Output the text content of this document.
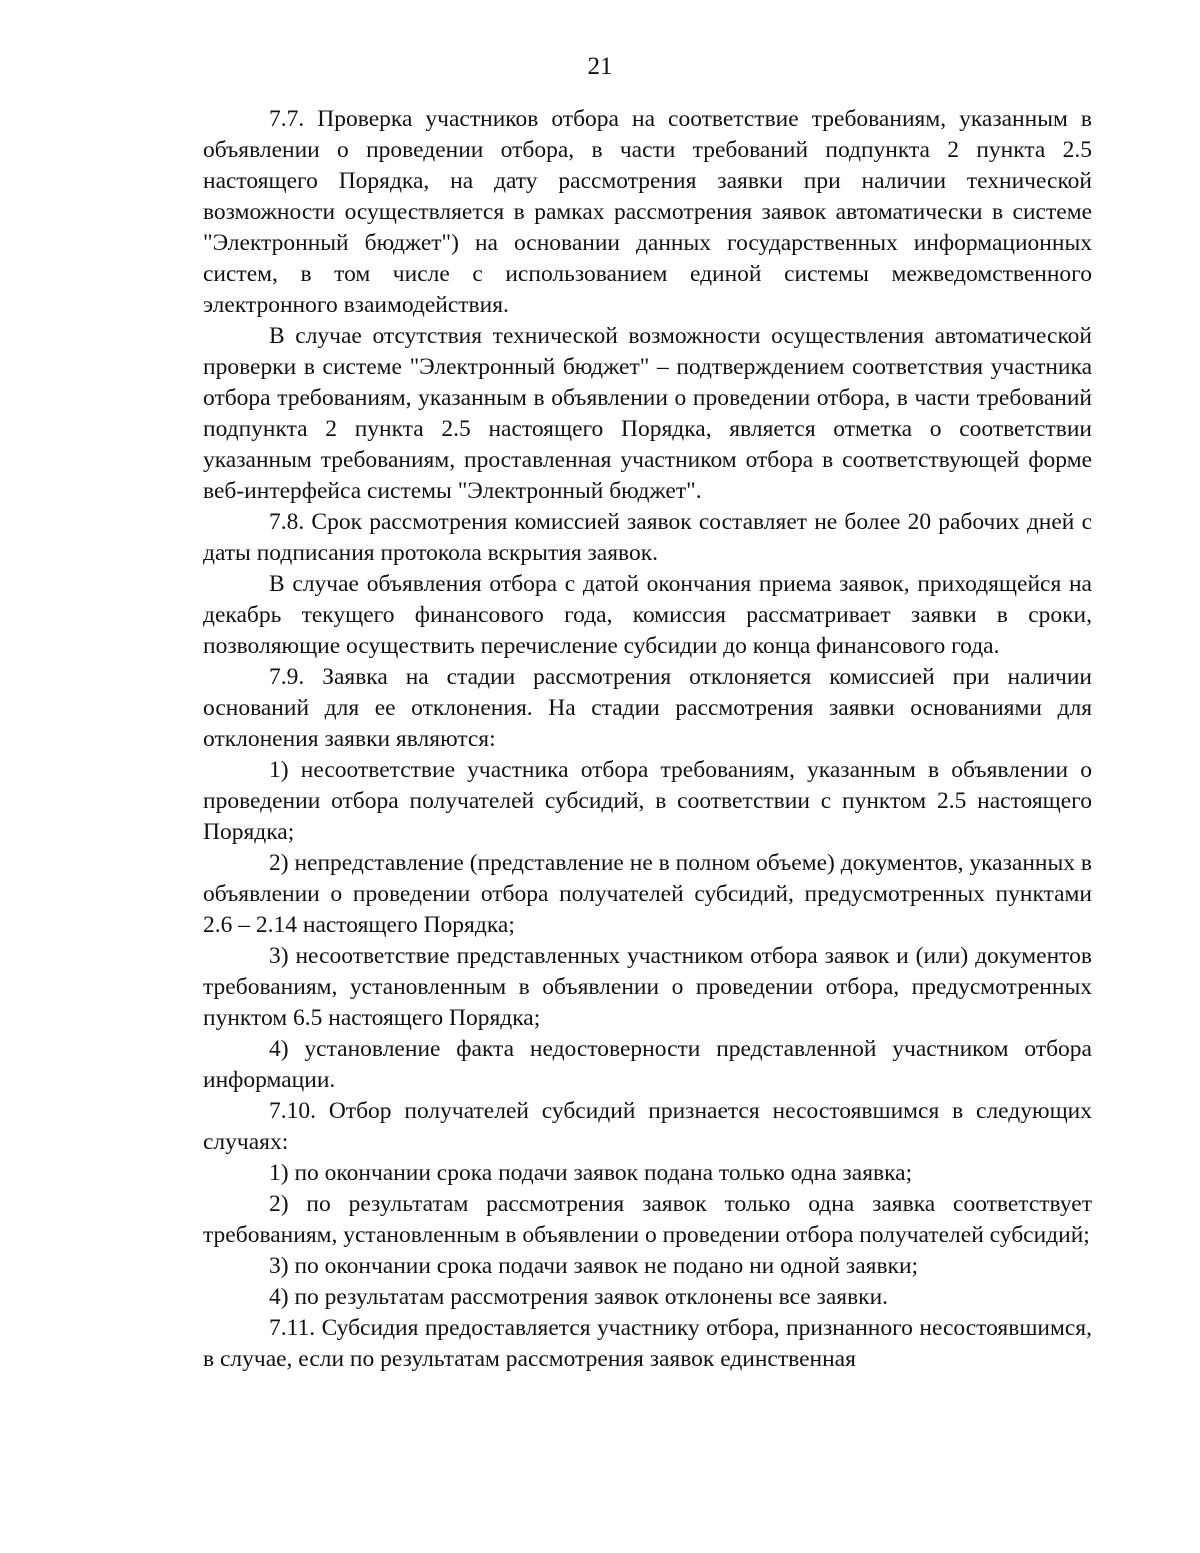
21

7.7. Проверка участников отбора на соответствие требованиям, указанным в объявлении о проведении отбора, в части требований подпункта 2 пункта 2.5 настоящего Порядка, на дату рассмотрения заявки при наличии технической возможности осуществляется в рамках рассмотрения заявок автоматически в системе "Электронный бюджет") на основании данных государственных информационных систем, в том числе с использованием единой системы межведомственного электронного взаимодействия.

В случае отсутствия технической возможности осуществления автоматической проверки в системе "Электронный бюджет" – подтверждением соответствия участника отбора требованиям, указанным в объявлении о проведении отбора, в части требований подпункта 2 пункта 2.5 настоящего Порядка, является отметка о соответствии указанным требованиям, проставленная участником отбора в соответствующей форме веб-интерфейса системы "Электронный бюджет".

7.8. Срок рассмотрения комиссией заявок составляет не более 20 рабочих дней с даты подписания протокола вскрытия заявок.

В случае объявления отбора с датой окончания приема заявок, приходящейся на декабрь текущего финансового года, комиссия рассматривает заявки в сроки, позволяющие осуществить перечисление субсидии до конца финансового года.

7.9. Заявка на стадии рассмотрения отклоняется комиссией при наличии оснований для ее отклонения. На стадии рассмотрения заявки основаниями для отклонения заявки являются:

1) несоответствие участника отбора требованиям, указанным в объявлении о проведении отбора получателей субсидий, в соответствии с пунктом 2.5 настоящего Порядка;

2) непредставление (представление не в полном объеме) документов, указанных в объявлении о проведении отбора получателей субсидий, предусмотренных пунктами 2.6 – 2.14 настоящего Порядка;

3) несоответствие представленных участником отбора заявок и (или) документов требованиям, установленным в объявлении о проведении отбора, предусмотренных пунктом 6.5 настоящего Порядка;

4) установление факта недостоверности представленной участником отбора информации.

7.10. Отбор получателей субсидий признается несостоявшимся в следующих случаях:

1) по окончании срока подачи заявок подана только одна заявка;

2) по результатам рассмотрения заявок только одна заявка соответствует требованиям, установленным в объявлении о проведении отбора получателей субсидий;

3) по окончании срока подачи заявок не подано ни одной заявки;

4) по результатам рассмотрения заявок отклонены все заявки.

7.11. Субсидия предоставляется участнику отбора, признанного несостоявшимся, в случае, если по результатам рассмотрения заявок единственная
